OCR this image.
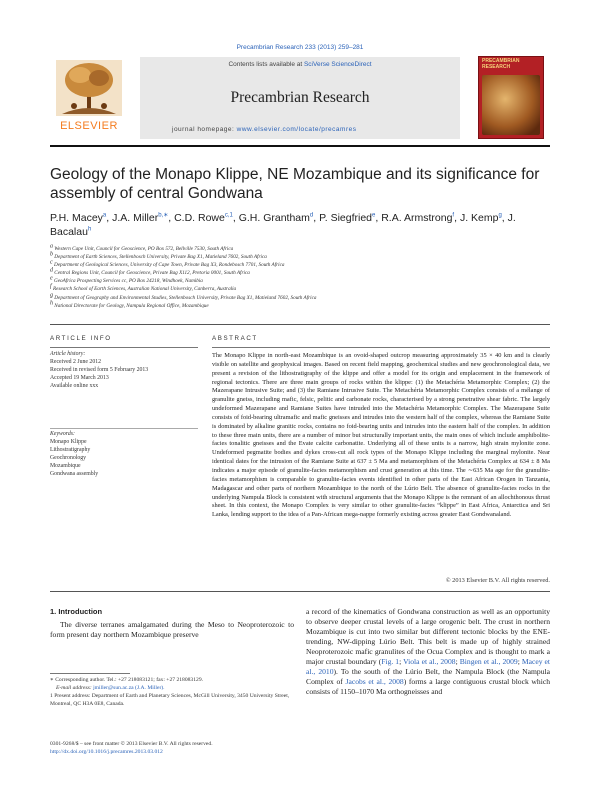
Precambrian Research 233 (2013) 259–281
Contents lists available at SciVerse ScienceDirect
Precambrian Research
journal homepage: www.elsevier.com/locate/precamres
ELSEVIER
PRECAMBRIAN RESEARCH
Geology of the Monapo Klippe, NE Mozambique and its significance for assembly of central Gondwana
P.H. Macey$^a$, J.A. Miller$^{b,∗}$, C.D. Rowe$^{c,1}$, G.H. Grantham$^d$, P. Siegfried$^e$, R.A. Armstrong$^f$, J. Kemp$^g$, J. Bacalau$^h$
$^a$ Western Cape Unit, Council for Geoscience, PO Box 572, Bellville 7530, South Africa
$^b$ Department of Earth Sciences, Stellenbosch University, Private Bag X1, Matieland 7602, South Africa
$^c$ Department of Geological Sciences, University of Cape Town, Private Bag X3, Rondebosch 7701, South Africa
$^d$ Central Regions Unit, Council for Geoscience, Private Bag X112, Pretoria 0001, South Africa
$^e$ GeoAfrica Prospecting Services cc, PO Box 24218, Windhoek, Namibia
$^f$ Research School of Earth Sciences, Australian National University, Canberra, Australia
$^g$ Department of Geography and Environmental Studies, Stellenbosch University, Private Bag X1, Matieland 7602, South Africa
$^h$ National Directorate for Geology, Nampula Regional Office, Mozambique
ARTICLE INFO
Article history:
Received 2 June 2012
Received in revised form 5 February 2013
Accepted 19 March 2013
Available online xxx
Keywords:
Monapo Klippe
Lithostratigraphy
Geochronology
Mozambique
Gondwana assembly
ABSTRACT
The Monapo Klippe in north-east Mozambique is an ovoid-shaped outcrop measuring approximately 35 × 40 km and is clearly visible on satellite and geophysical images. Based on recent field mapping, geochemical studies and new geochronological data, we present a revision of the lithostratigraphy of the klippe and offer a model for its origin and emplacement in the framework of regional tectonics. There are three main groups of rocks within the klippe: (1) the Metachéria Metamorphic Complex; (2) the Mazerapane Intrusive Suite; and (3) the Ramiane Intrusive Suite. The Metachéria Metamorphic Complex consists of a mélange of granulite gneiss, including mafic, felsic, pelitic and carbonate rocks, characterised by a strong penetrative shear fabric. The largely undeformed Mazerapane and Ramiane Suites have intruded into the Metachéria Metamorphic Complex. The Mazerapane Suite consists of foid-bearing ultramafic and mafic gneisses and intrudes into the western half of the complex, whereas the Ramiane Suite is dominated by alkaline granitic rocks, contains no foid-bearing units and intrudes into the eastern half of the complex. In addition to these three main units, there are a number of minor but structurally important units, the main ones of which include amphibolite-facies tonalitic gneisses and the Evate calcite carbonatite. Underlying all of these units is a narrow, high strain mylonite zone. Undeformed pegmatite bodies and dykes cross-cut all rock types of the Monapo Klippe including the marginal mylonite. Near identical dates for the intrusion of the Ramiane Suite at 637 ± 5 Ma and metamorphism of the Metachéria Complex at 634 ± 8 Ma indicates a major episode of granulite-facies metamorphism and crust generation at this time. The ∼635 Ma age for the granulite-facies metamorphism is comparable to granulite-facies events identified in other parts of the East African Orogen in Tanzania, Madagascar and other parts of northern Mozambique to the north of the Lúrio Belt. The absence of granulite-facies rocks in the underlying Nampula Block is consistent with structural arguments that the Monapo Klippe is the remnant of an allochthonous thrust sheet. In this context, the Monapo Complex is very similar to other granulite-facies “klippe” in East Africa, Antarctica and Sri Lanka, lending support to the idea of a Pan-African mega-nappe formerly existing across greater East Gondwanaland.
© 2013 Elsevier B.V. All rights reserved.
1. Introduction
The diverse terranes amalgamated during the Meso to Neoproterozoic to form present day northern Mozambique preserve
a record of the kinematics of Gondwana construction as well as an opportunity to observe deeper crustal levels of a large orogenic belt. The crust in northern Mozambique is cut into two similar but different tectonic blocks by the ENE-trending, NW-dipping Lúrio Belt. This belt is made up of highly strained Neoproterozoic mafic granulites of the Ocua Complex and is thought to mark a major crustal boundary (Fig. 1; Viola et al., 2008; Bingen et al., 2009; Macey et al., 2010). To the south of the Lúrio Belt, the Nampula Block (the Nampula Complex of Jacobs et al., 2008) forms a large contiguous crustal block which consists of 1150–1070 Ma orthogneisses and
∗ Corresponding author. Tel.: +27 218083121; fax: +27 218083129.
E-mail address: jmiller@sun.ac.za (J.A. Miller).
1 Present address: Department of Earth and Planetary Sciences, McGill University, 3450 University Street, Montreal, QC H3A 0E8, Canada.
0301-9268/$ – see front matter © 2013 Elsevier B.V. All rights reserved.
http://dx.doi.org/10.1016/j.precamres.2013.03.012
